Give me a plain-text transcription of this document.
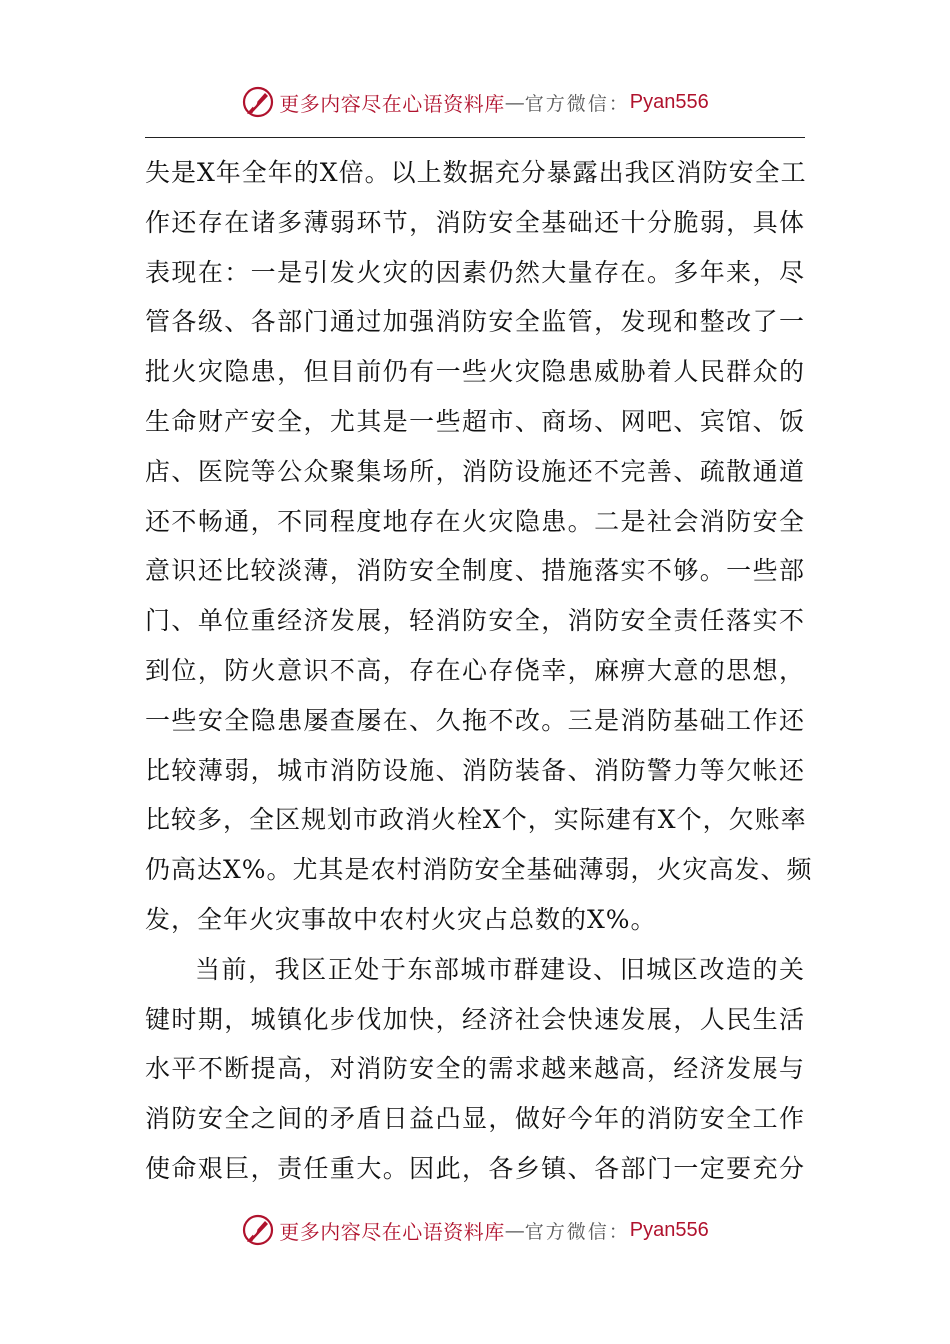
更多内容尽在心语资料库 — 官方微信： Pyan556
失是X年全年的X倍。以上数据充分暴露出我区消防安全工
作还存在诸多薄弱环节，消防安全基础还十分脆弱，具体
表现在：一是引发火灾的因素仍然大量存在。多年来，尽
管各级、各部门通过加强消防安全监管，发现和整改了一
批火灾隐患，但目前仍有一些火灾隐患威胁着人民群众的
生命财产安全，尤其是一些超市、商场、网吧、宾馆、饭
店、医院等公众聚集场所，消防设施还不完善、疏散通道
还不畅通，不同程度地存在火灾隐患。二是社会消防安全
意识还比较淡薄，消防安全制度、措施落实不够。一些部
门、单位重经济发展，轻消防安全，消防安全责任落实不
到位，防火意识不高，存在心存侥幸，麻痹大意的思想，
一些安全隐患屡查屡在、久拖不改。三是消防基础工作还
比较薄弱，城市消防设施、消防装备、消防警力等欠帐还
比较多，全区规划市政消火栓X个，实际建有X个，欠账率
仍高达X%。尤其是农村消防安全基础薄弱，火灾高发、频
发，全年火灾事故中农村火灾占总数的X%。
当前，我区正处于东部城市群建设、旧城区改造的关
键时期，城镇化步伐加快，经济社会快速发展，人民生活
水平不断提高，对消防安全的需求越来越高，经济发展与
消防安全之间的矛盾日益凸显，做好今年的消防安全工作
使命艰巨，责任重大。因此，各乡镇、各部门一定要充分
更多内容尽在心语资料库 — 官方微信： Pyan556
